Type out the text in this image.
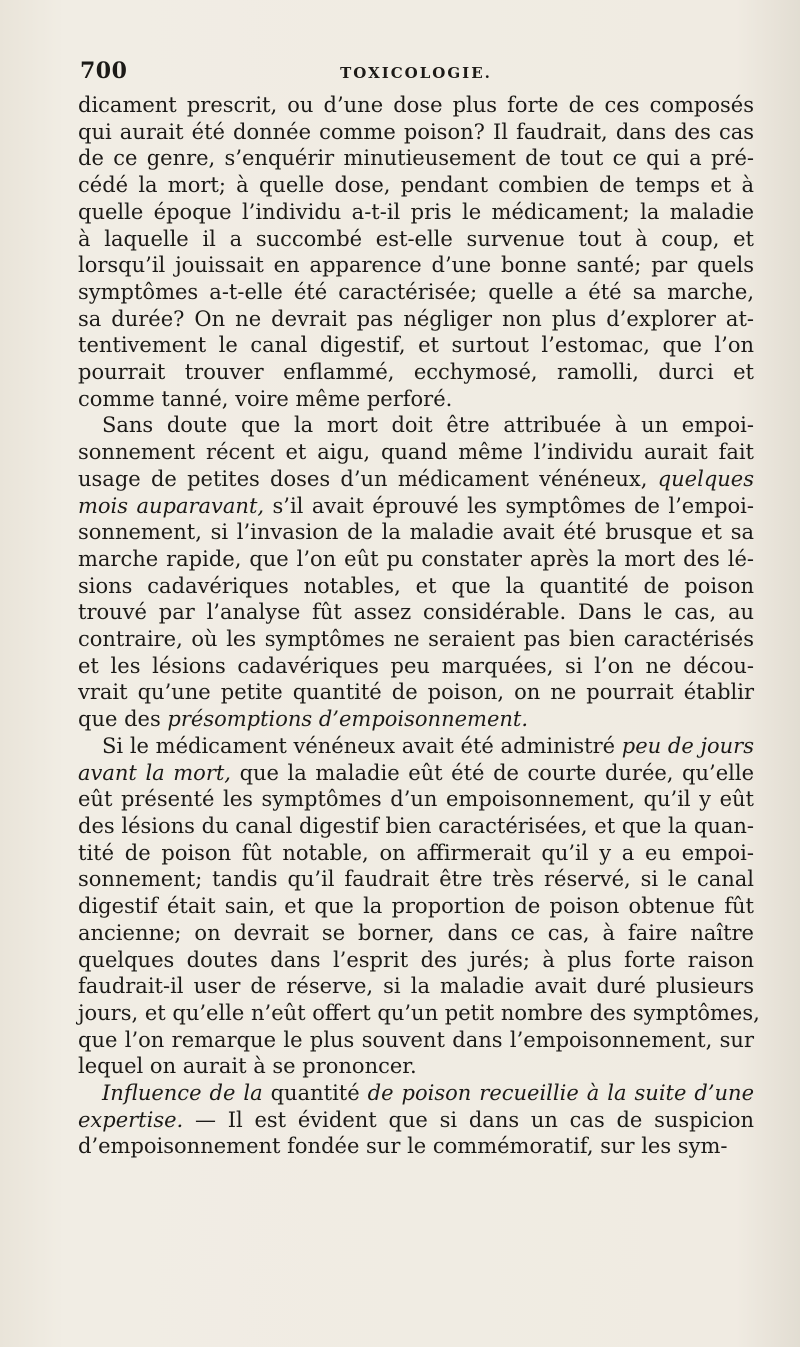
700	TOXICOLOGIE.
dicament prescrit, ou d’une dose plus forte de ces composés
qui aurait été donnée comme poison? Il faudrait, dans des cas
de ce genre, s’enquérir minutieusement de tout ce qui a pré-
cédé la mort; à quelle dose, pendant combien de temps et à
quelle époque l’individu a-t-il pris le médicament; la maladie
à laquelle il a succombé est-elle survenue tout à coup, et
lorsqu’il jouissait en apparence d’une bonne santé; par quels
symptômes a-t-elle été caractérisée; quelle a été sa marche,
sa durée? On ne devrait pas négliger non plus d’explorer at-
tentivement le canal digestif, et surtout l’estomac, que l’on
pourrait trouver enflammé, ecchymosé, ramolli, durci et
comme tanné, voire même perforé.
Sans doute que la mort doit être attribuée à un empoi-
sonnement récent et aigu, quand même l’individu aurait fait
usage de petites doses d’un médicament vénéneux, quelques
mois auparavant, s’il avait éprouvé les symptômes de l’empoi-
sonnement, si l’invasion de la maladie avait été brusque et sa
marche rapide, que l’on eût pu constater après la mort des lé-
sions cadavériques notables, et que la quantité de poison
trouvé par l’analyse fût assez considérable. Dans le cas, au
contraire, où les symptômes ne seraient pas bien caractérisés
et les lésions cadavériques peu marquées, si l’on ne décou-
vrait qu’une petite quantité de poison, on ne pourrait établir
que des présomptions d’empoisonnement.
Si le médicament vénéneux avait été administré peu de jours
avant la mort, que la maladie eût été de courte durée, qu’elle
eût présenté les symptômes d’un empoisonnement, qu’il y eût
des lésions du canal digestif bien caractérisées, et que la quan-
tité de poison fût notable, on affirmerait qu’il y a eu empoi-
sonnement; tandis qu’il faudrait être très réservé, si le canal
digestif était sain, et que la proportion de poison obtenue fût
ancienne; on devrait se borner, dans ce cas, à faire naître
quelques doutes dans l’esprit des jurés; à plus forte raison
faudrait-il user de réserve, si la maladie avait duré plusieurs
jours, et qu’elle n’eût offert qu’un petit nombre des symptômes,
que l’on remarque le plus souvent dans l’empoisonnement, sur
lequel on aurait à se prononcer.
Influence de la quantité de poison recueillie à la suite d’une
expertise. — Il est évident que si dans un cas de suspicion
d’empoisonnement fondée sur le commémoratif, sur les sym-
